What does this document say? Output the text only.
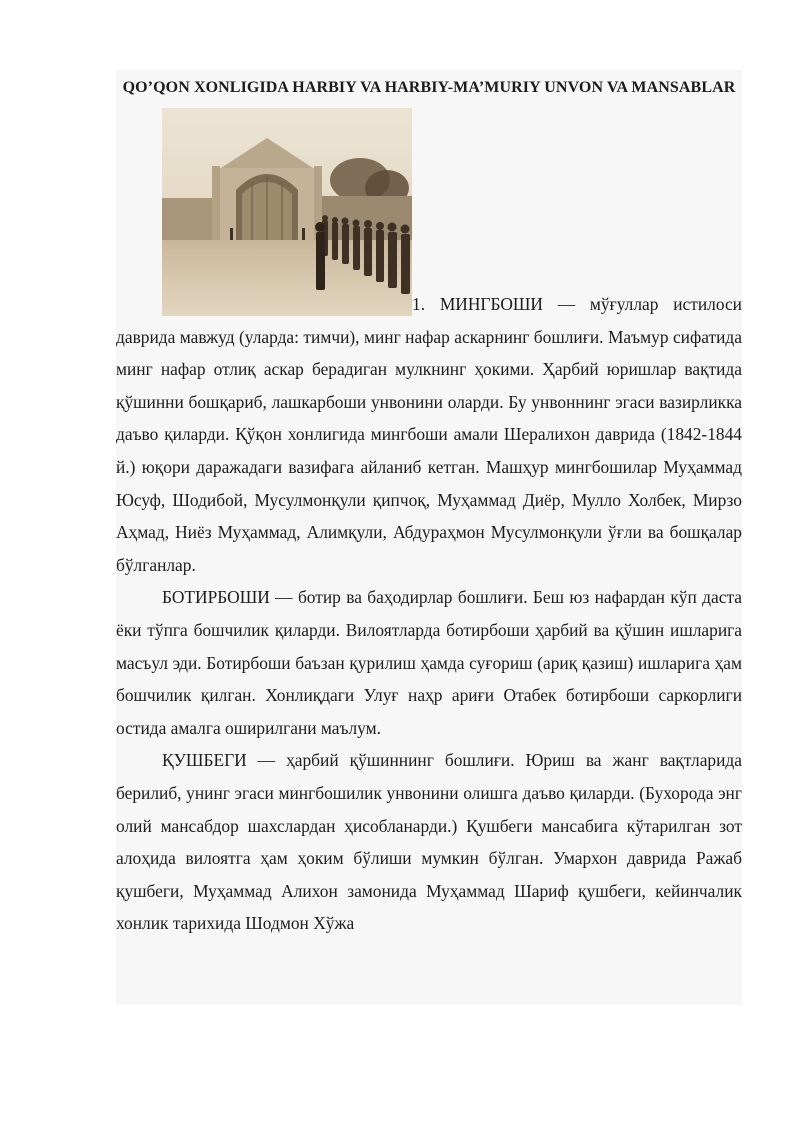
QO’QON XONLIGIDA HARBIY VA HARBIY-MA’MURIY UNVON VA MANSABLAR

1. МИНГБОШИ — мўғуллар истилоси даврида мавжуд (уларда: тимчи), минг нафар аскарнинг бошлиғи. Маъмур сифатида минг нафар отлиқ аскар берадиган мулкнинг ҳокими. Ҳарбий юришлар вақтида қўшинни бошқариб, лашкарбоши унвонини оларди. Бу унвоннинг эгаси вазирликка даъво қиларди. Қўқон хонлигида мингбоши амали Шералихон даврида (1842-1844 й.) юқори даражадаги вазифага айланиб кетган. Машҳур мингбошилар Муҳаммад Юсуф, Шодибой, Мусулмонқули қипчоқ, Муҳаммад Диёр, Мулло Холбек, Мирзо Аҳмад, Ниёз Муҳаммад, Алимқули, Абдураҳмон Мусулмонқули ўғли ва бошқалар бўлганлар.

БОТИРБОШИ — ботир ва баҳодирлар бошлиғи. Беш юз нафардан кўп даста ёки тўпга бошчилик қиларди. Вилоятларда ботирбоши ҳарбий ва қўшин ишларига масъул эди. Ботирбоши баъзан қурилиш ҳамда суғориш (ариқ қазиш) ишларига ҳам бошчилик қилган. Хонлиқдаги Улуғ наҳр ариғи Отабек ботирбоши саркорлиги остида амалга оширилгани маълум.

ҚУШБЕГИ — ҳарбий қўшиннинг бошлиғи. Юриш ва жанг вақтларида берилиб, унинг эгаси мингбошилик унвонини олишга даъво қиларди. (Бухорода энг олий мансабдор шахслардан ҳисобланарди.) Қушбеги мансабига кўтарилган зот алоҳида вилоятга ҳам ҳоким бўлиши мумкин бўлган. Умархон даврида Ражаб қушбеги, Муҳаммад Алихон замонида Муҳаммад Шариф қушбеги, кейинчалик хонлик тарихида Шодмон Хўжа
